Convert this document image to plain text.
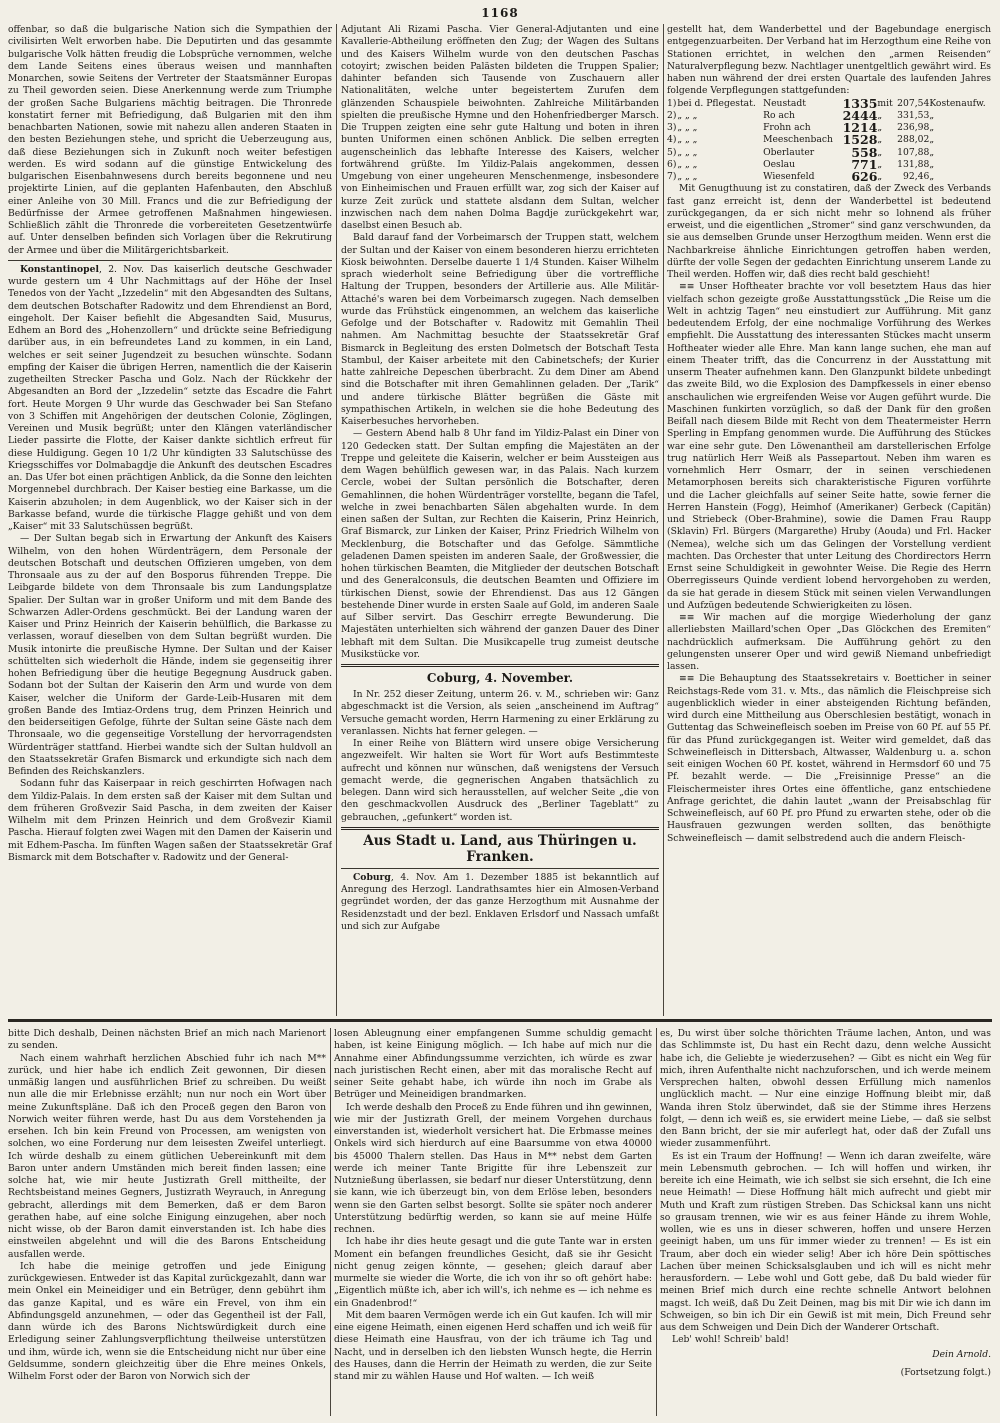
1168

offenbar, so daß die bulgarische Nation sich die Sympathien der civilisirten Welt erworben habe. Die Deputirten und das gesammte bulgarische Volk hätten freudig die Lobsprüche vernommen, welche dem Lande Seitens eines überaus weisen und mannhaften Monarchen, sowie Seitens der Vertreter der Staatsmänner Europas zu Theil geworden seien. Diese Anerkennung werde zum Triumphe der großen Sache Bulgariens mächtig beitragen. Die Thronrede konstatirt ferner mit Befriedigung, daß Bulgarien mit den ihm benachbarten Nationen, sowie mit nahezu allen anderen Staaten in den besten Beziehungen stehe, und spricht die Ueberzeugung aus, daß diese Beziehungen sich in Zukunft noch weiter befestigen werden. Es wird sodann auf die günstige Entwickelung des bulgarischen Eisenbahnwesens durch bereits begonnene und neu projektirte Linien, auf die geplanten Hafenbauten, den Abschluß einer Anleihe von 30 Mill. Francs und die zur Befriedigung der Bedürfnisse der Armee getroffenen Maßnahmen hingewiesen. Schließlich zählt die Thronrede die vorbereiteten Gesetzentwürfe auf. Unter denselben befinden sich Vorlagen über die Rekrutirung der Armee und über die Militärgerichtsbarkeit.

Konstantinopel, 2. Nov. Das kaiserlich deutsche Geschwader wurde gestern um 4 Uhr Nachmittags auf der Höhe der Insel Tenedos von der Yacht „Izzedelin“ mit den Abgesandten des Sultans, dem deutschen Botschafter Radowitz und dem Ehrendienst an Bord, eingeholt. Der Kaiser befiehlt die Abgesandten Said, Musurus, Edhem an Bord des „Hohenzollern“ und drückte seine Befriedigung darüber aus, in ein befreundetes Land zu kommen, in ein Land, welches er seit seiner Jugendzeit zu besuchen wünschte. Sodann empfing der Kaiser die übrigen Herren, namentlich die der Kaiserin zugetheilten Strecker Pascha und Golz. Nach der Rückkehr der Abgesandten an Bord der „Izzedelin“ setzte das Escadre die Fahrt fort. Heute Morgen 9 Uhr wurde das Geschwader bei San Stefano von 3 Schiffen mit Angehörigen der deutschen Colonie, Zöglingen, Vereinen und Musik begrüßt; unter den Klängen vaterländischer Lieder passirte die Flotte, der Kaiser dankte sichtlich erfreut für diese Huldigung. Gegen 10 1/2 Uhr kündigten 33 Salutschüsse des Kriegsschiffes vor Dolmabagdje die Ankunft des deutschen Escadres an. Das Ufer bot einen prächtigen Anblick, da die Sonne den leichten Morgennebel durchbrach. Der Kaiser bestieg eine Barkasse, um die Kaiserin abzuholen; in dem Augenblick, wo der Kaiser sich in der Barkasse befand, wurde die türkische Flagge gehißt und von dem „Kaiser“ mit 33 Salutschüssen begrüßt.

— Der Sultan begab sich in Erwartung der Ankunft des Kaisers Wilhelm, von den hohen Würdenträgern, dem Personale der deutschen Botschaft und deutschen Offizieren umgeben, von dem Thronsaale aus zu der auf den Bosporus führenden Treppe. Die Leibgarde bildete von dem Thronsaale bis zum Landungsplatze Spalier. Der Sultan war in großer Uniform und mit dem Bande des Schwarzen Adler-Ordens geschmückt. Bei der Landung waren der Kaiser und Prinz Heinrich der Kaiserin behülflich, die Barkasse zu verlassen, worauf dieselben von dem Sultan begrüßt wurden. Die Musik intonirte die preußische Hymne. Der Sultan und der Kaiser schüttelten sich wiederholt die Hände, indem sie gegenseitig ihrer hohen Befriedigung über die heutige Begegnung Ausdruck gaben. Sodann bot der Sultan der Kaiserin den Arm und wurde von dem Kaiser, welcher die Uniform der Garde-Leib-Husaren mit dem großen Bande des Imtiaz-Ordens trug, dem Prinzen Heinrich und den beiderseitigen Gefolge, führte der Sultan seine Gäste nach dem Thronsaale, wo die gegenseitige Vorstellung der hervorragendsten Würdenträger stattfand. Hierbei wandte sich der Sultan huldvoll an den Staatssekretär Grafen Bismarck und erkundigte sich nach dem Befinden des Reichskanzlers.

Sodann fuhr das Kaiserpaar in reich geschirrten Hofwagen nach dem Yildiz-Palais. In dem ersten saß der Kaiser mit dem Sultan und dem früheren Großvezir Said Pascha, in dem zweiten der Kaiser Wilhelm mit dem Prinzen Heinrich und dem Großvezir Kiamil Pascha. Hierauf folgten zwei Wagen mit den Damen der Kaiserin und mit Edhem-Pascha. Im fünften Wagen saßen der Staatssekretär Graf Bismarck mit dem Botschafter v. Radowitz und der General-

Adjutant Ali Rizami Pascha. Vier General-Adjutanten und eine Kavallerie-Abtheilung eröffneten den Zug; der Wagen des Sultans und des Kaisers Wilhelm wurde von den deutschen Paschas cotoyirt; zwischen beiden Palästen bildeten die Truppen Spalier; dahinter befanden sich Tausende von Zuschauern aller Nationalitäten, welche unter begeistertem Zurufen dem glänzenden Schauspiele beiwohnten. Zahlreiche Militärbanden spielten die preußische Hymne und den Hohenfriedberger Marsch. Die Truppen zeigten eine sehr gute Haltung und boten in ihren bunten Uniformen einen schönen Anblick. Die selben erregten augenscheinlich das lebhafte Interesse des Kaisers, welcher fortwährend grüßte. Im Yildiz-Palais angekommen, dessen Umgebung von einer ungeheuren Menschenmenge, insbesondere von Einheimischen und Frauen erfüllt war, zog sich der Kaiser auf kurze Zeit zurück und stattete alsdann dem Sultan, welcher inzwischen nach dem nahen Dolma Bagdje zurückgekehrt war, daselbst einen Besuch ab.

Bald darauf fand der Vorbeimarsch der Truppen statt, welchem der Sultan und der Kaiser von einem besonderen hierzu errichteten Kiosk beiwohnten. Derselbe dauerte 1 1/4 Stunden. Kaiser Wilhelm sprach wiederholt seine Befriedigung über die vortreffliche Haltung der Truppen, besonders der Artillerie aus. Alle Militär-Attaché's waren bei dem Vorbeimarsch zugegen. Nach demselben wurde das Frühstück eingenommen, an welchem das kaiserliche Gefolge und der Botschafter v. Radowitz mit Gemahlin Theil nahmen. Am Nachmittag besuchte der Staatssekretär Graf Bismarck in Begleitung des ersten Dolmetsch der Botschaft Testa Stambul, der Kaiser arbeitete mit den Cabinetschefs; der Kurier hatte zahlreiche Depeschen überbracht. Zu dem Diner am Abend sind die Botschafter mit ihren Gemahlinnen geladen. Der „Tarik“ und andere türkische Blätter begrüßen die Gäste mit sympathischen Artikeln, in welchen sie die hohe Bedeutung des Kaiserbesuches hervorheben.

— Gestern Abend halb 8 Uhr fand im Yildiz-Palast ein Diner von 120 Gedecken statt. Der Sultan empfing die Majestäten an der Treppe und geleitete die Kaiserin, welcher er beim Aussteigen aus dem Wagen behülflich gewesen war, in das Palais. Nach kurzem Cercle, wobei der Sultan persönlich die Botschafter, deren Gemahlinnen, die hohen Würdenträger vorstellte, begann die Tafel, welche in zwei benachbarten Sälen abgehalten wurde. In dem einen saßen der Sultan, zur Rechten die Kaiserin, Prinz Heinrich, Graf Bismarck, zur Linken der Kaiser, Prinz Friedrich Wilhelm von Mecklenburg, die Botschafter und das Gefolge. Sämmtliche geladenen Damen speisten im anderen Saale, der Großwessier, die hohen türkischen Beamten, die Mitglieder der deutschen Botschaft und des Generalconsuls, die deutschen Beamten und Offiziere im türkischen Dienst, sowie der Ehrendienst. Das aus 12 Gängen bestehende Diner wurde in ersten Saale auf Gold, im anderen Saale auf Silber servirt. Das Geschirr erregte Bewunderung. Die Majestäten unterhielten sich während der ganzen Dauer des Diner lebhaft mit dem Sultan. Die Musikcapelle trug zumeist deutsche Musikstücke vor.

Coburg, 4. November.

In Nr. 252 dieser Zeitung, unterm 26. v. M., schrieben wir: Ganz abgeschmackt ist die Version, als seien „anscheinend im Auftrag“ Versuche gemacht worden, Herrn Harmening zu einer Erklärung zu veranlassen. Nichts hat ferner gelegen. —

In einer Reihe von Blättern wird unsere obige Versicherung angezweifelt. Wir halten sie Wort für Wort aufs Bestimmteste aufrecht und können nur wünschen, daß wenigstens der Versuch gemacht werde, die gegnerischen Angaben thatsächlich zu belegen. Dann wird sich herausstellen, auf welcher Seite „die von den geschmackvollen Ausdruck des „Berliner Tageblatt“ zu gebrauchen, „gefunkert“ worden ist.

Aus Stadt u. Land, aus Thüringen u. Franken.

Coburg, 4. Nov. Am 1. Dezember 1885 ist bekanntlich auf Anregung des Herzogl. Landrathsamtes hier ein Almosen-Verband gegründet worden, der das ganze Herzogthum mit Ausnahme der Residenzstadt und der bezl. Enklaven Erlsdorf und Nassach umfaßt und sich zur Aufgabe

gestellt hat, dem Wanderbettel und der Bagebundage energisch entgegenzuarbeiten. Der Verband hat im Herzogthum eine Reihe von Stationen errichtet, in welchen den „armen Reisenden“ Naturalverpflegung bezw. Nachtlager unentgeltlich gewährt wird. Es haben nun während der drei ersten Quartale des laufenden Jahres folgende Verpflegungen stattgefunden:

1)	bei d. Pflegestat.	Neustadt	1335	mit	207,54	Kostenaufw.
2)	„ „ „	Ro ach	2444	„	331,53	„
3)	„ „ „	Frohn ach	1214	„	236,98	„
4)	„ „ „	Meeschenbach	1528	„	288,02	„
5)	„ „ „	Oberlauter	558	„	107,88	„
6)	„ „ „	Oeslau	771	„	131,88	„
7)	„ „ „	Wiesenfeld	626	„	92,46	„

Mit Genugthuung ist zu constatiren, daß der Zweck des Verbands fast ganz erreicht ist, denn der Wanderbettel ist bedeutend zurückgegangen, da er sich nicht mehr so lohnend als früher erweist, und die eigentlichen „Stromer“ sind ganz verschwunden, da sie aus demselben Grunde unser Herzogthum meiden. Wenn erst die Nachbarkreise ähnliche Einrichtungen getroffen haben werden, dürfte der volle Segen der gedachten Einrichtung unserem Lande zu Theil werden. Hoffen wir, daß dies recht bald geschieht!

≡≡ Unser Hoftheater brachte vor voll besetztem Haus das hier vielfach schon gezeigte große Ausstattungsstück „Die Reise um die Welt in achtzig Tagen“ neu einstudiert zur Aufführung. Mit ganz bedeutendem Erfolg, der eine nochmalige Vorführung des Werkes empfiehlt. Die Ausstattung des interessanten Stückes macht unserm Hoftheater wieder alle Ehre. Man kann lange suchen, ehe man auf einem Theater trifft, das die Concurrenz in der Ausstattung mit unserm Theater aufnehmen kann. Den Glanzpunkt bildete unbedingt das zweite Bild, wo die Explosion des Dampfkessels in einer ebenso anschaulichen wie ergreifenden Weise vor Augen geführt wurde. Die Maschinen funkirten vorzüglich, so daß der Dank für den großen Beifall nach diesem Bilde mit Recht von dem Theatermeister Herrn Sperling in Empfang genommen wurde. Die Aufführung des Stückes war eine sehr gute. Den Löwenantheil am darstellerischen Erfolge trug natürlich Herr Weiß als Passepartout. Neben ihm waren es vornehmlich Herr Osmarr, der in seinen verschiedenen Metamorphosen bereits sich charakteristische Figuren vorführte und die Lacher gleichfalls auf seiner Seite hatte, sowie ferner die Herren Hanstein (Fogg), Heimhof (Amerikaner) Gerbeck (Capitän) und Striebeck (Ober-Brahmine), sowie die Damen Frau Raupp (Sklavin) Frl. Bürgers (Margarethe) Hruby (Aouda) und Frl. Hacker (Nemea), welche sich um das Gelingen der Vorstellung verdient machten. Das Orchester that unter Leitung des Chordirectors Herrn Ernst seine Schuldigkeit in gewohnter Weise. Die Regie des Herrn Oberregisseurs Quinde verdient lobend hervorgehoben zu werden, da sie hat gerade in diesem Stück mit seinen vielen Verwandlungen und Aufzügen bedeutende Schwierigkeiten zu lösen.

≡≡ Wir machen auf die morgige Wiederholung der ganz allerliebsten Maillard'schen Oper „Das Glöckchen des Eremiten“ nachdrücklich aufmerksam. Die Aufführung gehört zu den gelungensten unserer Oper und wird gewiß Niemand unbefriedigt lassen.

≡≡ Die Behauptung des Staatssekretairs v. Boetticher in seiner Reichstags-Rede vom 31. v. Mts., das nämlich die Fleischpreise sich augenblicklich wieder in einer absteigenden Richtung befänden, wird durch eine Mittheilung aus Oberschlesien bestätigt, wonach in Guttentag das Schweinefleisch soeben im Preise von 60 Pf. auf 55 Pf. für das Pfund zurückgegangen ist. Weiter wird gemeldet, daß das Schweinefleisch in Dittersbach, Altwasser, Waldenburg u. a. schon seit einigen Wochen 60 Pf. kostet, während in Hermsdorf 60 und 75 Pf. bezahlt werde. — Die „Freisinnige Presse“ an die Fleischermeister ihres Ortes eine öffentliche, ganz entschiedene Anfrage gerichtet, die dahin lautet „wann der Preisabschlag für Schweinefleisch, auf 60 Pf. pro Pfund zu erwarten stehe, oder ob die Hausfrauen gezwungen werden sollten, das benöthigte Schweinefleisch — damit selbstredend auch die andern Fleisch-

bitte Dich deshalb, Deinen nächsten Brief an mich nach Marienort zu senden.

Nach einem wahrhaft herzlichen Abschied fuhr ich nach M** zurück, und hier habe ich endlich Zeit gewonnen, Dir diesen unmäßig langen und ausführlichen Brief zu schreiben. Du weißt nun alle die mir Erlebnisse erzählt; nun nur noch ein Wort über meine Zukunftspläne. Daß ich den Proceß gegen den Baron von Norwich weiter führen werde, hast Du aus dem Vorstehenden ja ersehen. Ich bin kein Freund von Processen, am wenigsten von solchen, wo eine Forderung nur dem leisesten Zweifel unterliegt. Ich würde deshalb zu einem gütlichen Uebereinkunft mit dem Baron unter andern Umständen mich bereit finden lassen; eine solche hat, wie mir heute Justizrath Grell mittheilte, der Rechtsbeistand meines Gegners, Justizrath Weyrauch, in Anregung gebracht, allerdings mit dem Bemerken, daß er dem Baron gerathen habe, auf eine solche Einigung einzugehen, aber noch nicht wisse, ob der Baron damit einverstanden ist. Ich habe dies einstweilen abgelehnt und will die des Barons Entscheidung ausfallen werde.

Ich habe die meinige getroffen und jede Einigung zurückgewiesen. Entweder ist das Kapital zurückgezahlt, dann war mein Onkel ein Meineidiger und ein Betrüger, denn gebührt ihm das ganze Kapital, und es wäre ein Frevel, von ihm ein Abfindungsgeld anzunehmen, — oder das Gegentheil ist der Fall, dann würde ich des Barons Nichtswürdigkeit durch eine Erledigung seiner Zahlungsverpflichtung theilweise unterstützen und ihm, würde ich, wenn sie die Entscheidung nicht nur über eine Geldsumme, sondern gleichzeitig über die Ehre meines Onkels, Wilhelm Forst oder der Baron von Norwich sich der

losen Ableugnung einer empfangenen Summe schuldig gemacht haben, ist keine Einigung möglich. — Ich habe auf mich nur die Annahme einer Abfindungssumme verzichten, ich würde es zwar nach juristischen Recht einen, aber mit das moralische Recht auf seiner Seite gehabt habe, ich würde ihn noch im Grabe als Betrüger und Meineidigen brandmarken.

Ich werde deshalb den Proceß zu Ende führen und ihn gewinnen, wie mir der Justizrath Grell, der meinem Vorgehen durchaus einverstanden ist, wiederholt versichert hat. Die Erbmasse meines Onkels wird sich hierdurch auf eine Baarsumme von etwa 40000 bis 45000 Thalern stellen. Das Haus in M** nebst dem Garten werde ich meiner Tante Brigitte für ihre Lebenszeit zur Nutznießung überlassen, sie bedarf nur dieser Unterstützung, denn sie kann, wie ich überzeugt bin, von dem Erlöse leben, besonders wenn sie den Garten selbst besorgt. Sollte sie später noch anderer Unterstützung bedürftig werden, so kann sie auf meine Hülfe rechnen.

Ich habe ihr dies heute gesagt und die gute Tante war in ersten Moment ein befangen freundliches Gesicht, daß sie ihr Gesicht nicht genug zeigen könnte, — gesehen; gleich darauf aber murmelte sie wieder die Worte, die ich von ihr so oft gehört habe: „Eigentlich müßte ich, aber ich will's, ich nehme es — ich nehme es ein Gnadenbrod!“

Mit dem baaren Vermögen werde ich ein Gut kaufen. Ich will mir eine eigene Heimath, einen eigenen Herd schaffen und ich weiß für diese Heimath eine Hausfrau, von der ich träume ich Tag und Nacht, und in derselben ich den liebsten Wunsch hegte, die Herrin des Hauses, dann die Herrin der Heimath zu werden, die zur Seite stand mir zu wählen Hause und Hof walten. — Ich weiß

es, Du wirst über solche thörichten Träume lachen, Anton, und was das Schlimmste ist, Du hast ein Recht dazu, denn welche Aussicht habe ich, die Geliebte je wiederzusehen? — Gibt es nicht ein Weg für mich, ihren Aufenthalte nicht nachzuforschen, und ich werde meinem Versprechen halten, obwohl dessen Erfüllung mich namenlos unglücklich macht. — Nur eine einzige Hoffnung bleibt mir, daß Wanda ihren Stolz überwindet, daß sie der Stimme ihres Herzens folgt, — denn ich weiß es, sie erwidert meine Liebe, — daß sie selbst den Bann bricht, der sie mir auferlegt hat, oder daß der Zufall uns wieder zusammenführt.

Es ist ein Traum der Hoffnung! — Wenn ich daran zweifelte, wäre mein Lebensmuth gebrochen. — Ich will hoffen und wirken, ihr bereite ich eine Heimath, wie ich selbst sie sich ersehnt, die Ich eine neue Heimath! — Diese Hoffnung hält mich aufrecht und giebt mir Muth und Kraft zum rüstigen Streben. Das Schicksal kann uns nicht so grausam trennen, wie wir es aus feiner Hände zu ihrem Wohle, wollen, wie es uns in dieser schweren, hoffen und unsere Herzen geeinigt haben, um uns für immer wieder zu trennen! — Es ist ein Traum, aber doch ein wieder selig! Aber ich höre Dein spöttisches Lachen über meinen Schicksalsglauben und ich will es nicht mehr herausfordern. — Lebe wohl und Gott gebe, daß Du bald wieder für meinen Brief mich durch eine rechte schnelle Antwort belohnen magst. Ich weiß, daß Du Zeit Deinen, mag bis mit Dir wie ich dann im Schweigen, so bin ich Dir ein Gewiß ist mit mein, Dich Freund sehr aus dem Schweigen und Dein Dich der Wanderer Ortschaft.

Leb' wohl! Schreib' bald!

Dein Arnold.
(Fortsetzung folgt.)
